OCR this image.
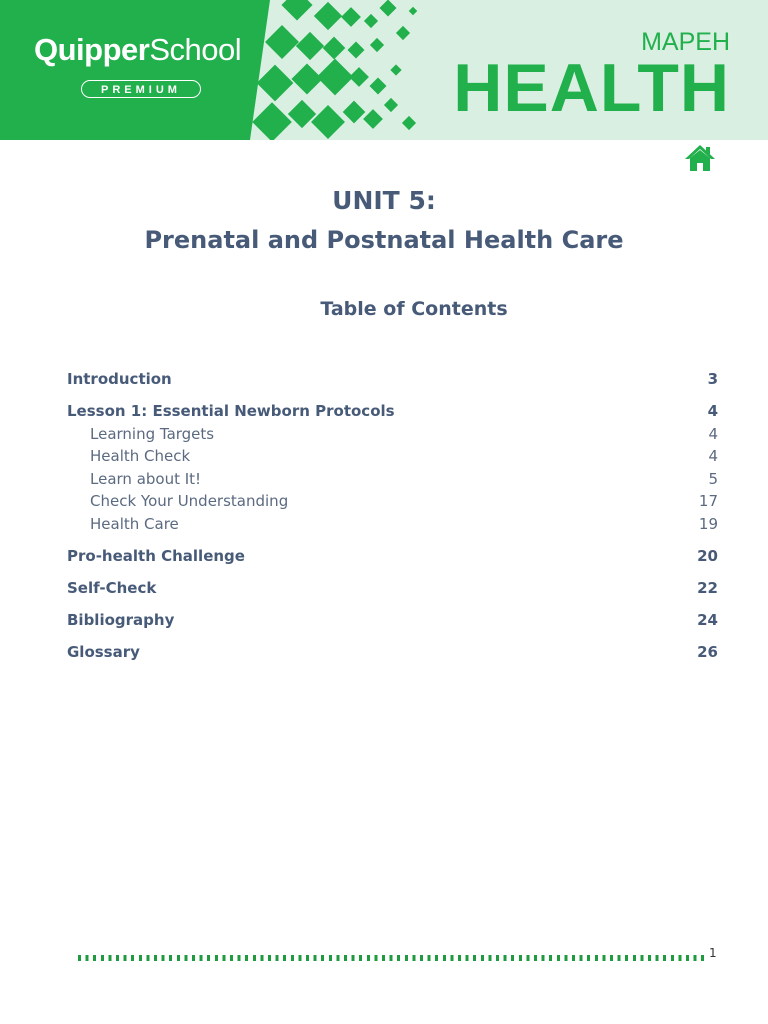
QuipperSchool
PREMIUM
MAPEH
HEALTH
UNIT 5:
Prenatal and Postnatal Health Care
Table of Contents
Introduction	3
Lesson 1: Essential Newborn Protocols	4
Learning Targets	4
Health Check	4
Learn about It!	5
Check Your Understanding	17
Health Care	19
Pro-health Challenge	20
Self-Check	22
Bibliography	24
Glossary	26
1
